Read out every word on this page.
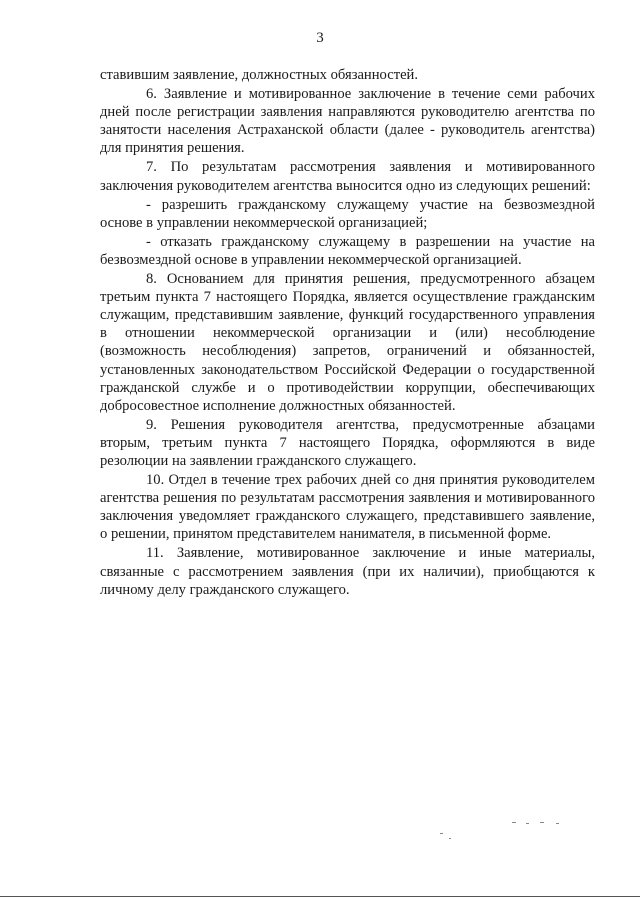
3

ставившим заявление, должностных обязанностей.

6. Заявление и мотивированное заключение в течение семи рабочих дней после регистрации заявления направляются руководителю агентства по занятости населения Астраханской области (далее - руководитель агентства) для принятия решения.

7. По результатам рассмотрения заявления и мотивированного заключения руководителем агентства выносится одно из следующих решений:

- разрешить гражданскому служащему участие на безвозмездной основе в управлении некоммерческой организацией;

- отказать гражданскому служащему в разрешении на участие на безвозмездной основе в управлении некоммерческой организацией.

8. Основанием для принятия решения, предусмотренного абзацем третьим пункта 7 настоящего Порядка, является осуществление гражданским служащим, представившим заявление, функций государственного управления в отношении некоммерческой организации и (или) несоблюдение (возможность несоблюдения) запретов, ограничений и обязанностей, установленных законодательством Российской Федерации о государственной гражданской службе и о противодействии коррупции, обеспечивающих добросовестное исполнение должностных обязанностей.

9. Решения руководителя агентства, предусмотренные абзацами вторым, третьим пункта 7 настоящего Порядка, оформляются в виде резолюции на заявлении гражданского служащего.

10. Отдел в течение трех рабочих дней со дня принятия руководителем агентства решения по результатам рассмотрения заявления и мотивированного заключения уведомляет гражданского служащего, представившего заявление, о решении, принятом представителем нанимателя, в письменной форме.

11. Заявление, мотивированное заключение и иные материалы, связанные с рассмотрением заявления (при их наличии), приобщаются к личному делу гражданского служащего.
